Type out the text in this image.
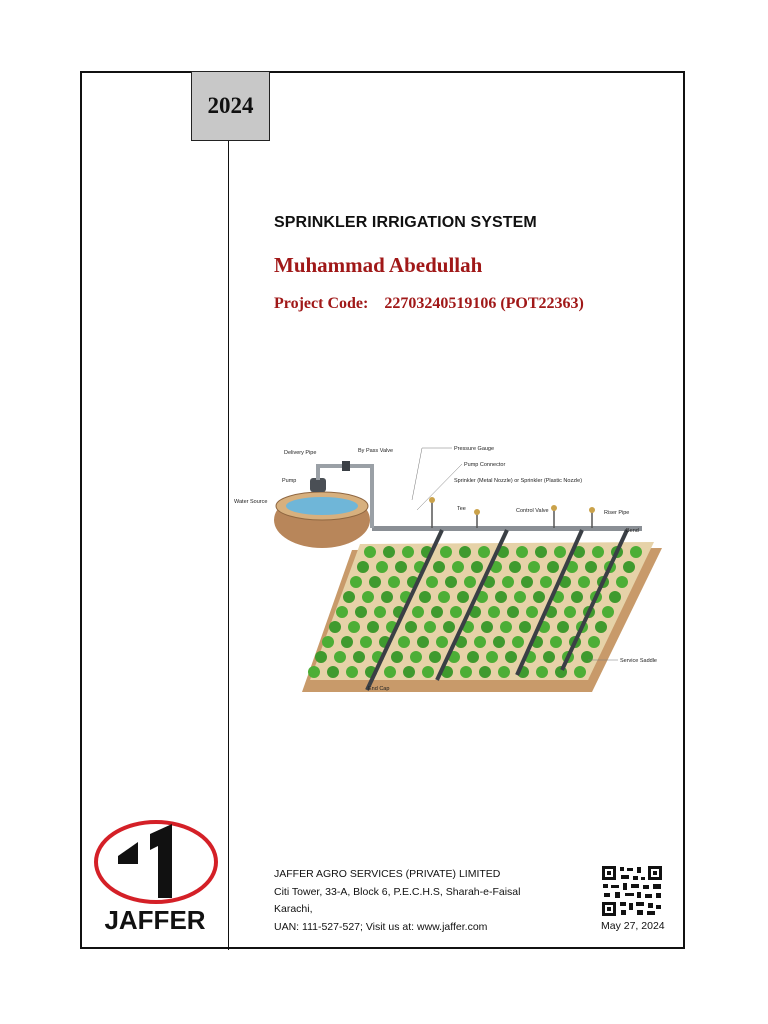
2024
SPRINKLER IRRIGATION SYSTEM
Muhammad Abedullah
Project Code: 22703240519106 (POT22363)
Delivery Pipe	By Pass Valve
Pump
Water Source
Pressure Gauge
Pump Connector
Sprinkler (Metal Nozzle) or Sprinkler (Plastic Nozzle)
Tee	Control Valve	Riser Pipe
Bend
Service Saddle
End Cap
JAFFER
JAFFER AGRO SERVICES (PRIVATE) LIMITED
Citi Tower, 33-A, Block 6, P.E.C.H.S, Sharah-e-Faisal
Karachi,
UAN: 111-527-527; Visit us at: www.jaffer.com	May 27, 2024
